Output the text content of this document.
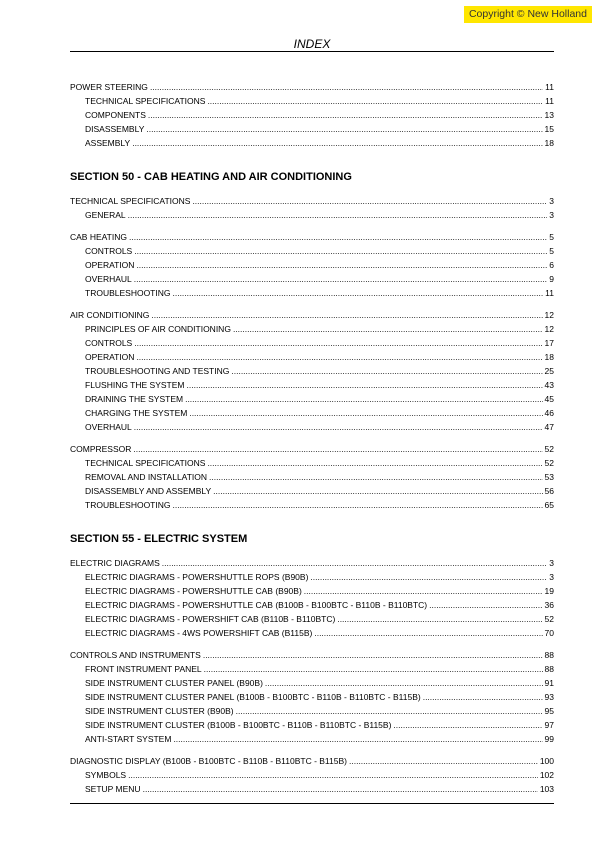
Copyright © New Holland
INDEX
POWER STEERING .....	11
TECHNICAL SPECIFICATIONS .....	11
COMPONENTS .....	13
DISASSEMBLY .....	15
ASSEMBLY .....	18
SECTION 50 - CAB HEATING AND AIR CONDITIONING
TECHNICAL SPECIFICATIONS .....	3
GENERAL .....	3
CAB HEATING .....	5
CONTROLS .....	5
OPERATION .....	6
OVERHAUL .....	9
TROUBLESHOOTING .....	11
AIR CONDITIONING .....	12
PRINCIPLES OF AIR CONDITIONING .....	12
CONTROLS .....	17
OPERATION .....	18
TROUBLESHOOTING AND TESTING .....	25
FLUSHING THE SYSTEM .....	43
DRAINING THE SYSTEM .....	45
CHARGING THE SYSTEM .....	46
OVERHAUL .....	47
COMPRESSOR .....	52
TECHNICAL SPECIFICATIONS .....	52
REMOVAL AND INSTALLATION .....	53
DISASSEMBLY AND ASSEMBLY .....	56
TROUBLESHOOTING .....	65
SECTION 55 - ELECTRIC SYSTEM
ELECTRIC DIAGRAMS .....	3
ELECTRIC DIAGRAMS - POWERSHUTTLE ROPS (B90B) .....	3
ELECTRIC DIAGRAMS - POWERSHUTTLE CAB (B90B) .....	19
ELECTRIC DIAGRAMS - POWERSHUTTLE CAB (B100B - B100BTC - B110B - B110BTC) .....	36
ELECTRIC DIAGRAMS - POWERSHIFT CAB (B110B - B110BTC) .....	52
ELECTRIC DIAGRAMS - 4WS POWERSHIFT CAB (B115B) .....	70
CONTROLS AND INSTRUMENTS .....	88
FRONT INSTRUMENT PANEL .....	88
SIDE INSTRUMENT CLUSTER PANEL (B90B) .....	91
SIDE INSTRUMENT CLUSTER PANEL (B100B - B100BTC - B110B - B110BTC - B115B) .....	93
SIDE INSTRUMENT CLUSTER (B90B) .....	95
SIDE INSTRUMENT CLUSTER (B100B - B100BTC - B110B - B110BTC - B115B) .....	97
ANTI-START SYSTEM .....	99
DIAGNOSTIC DISPLAY (B100B - B100BTC - B110B - B110BTC - B115B) .....	100
SYMBOLS .....	102
SETUP MENU .....	103
